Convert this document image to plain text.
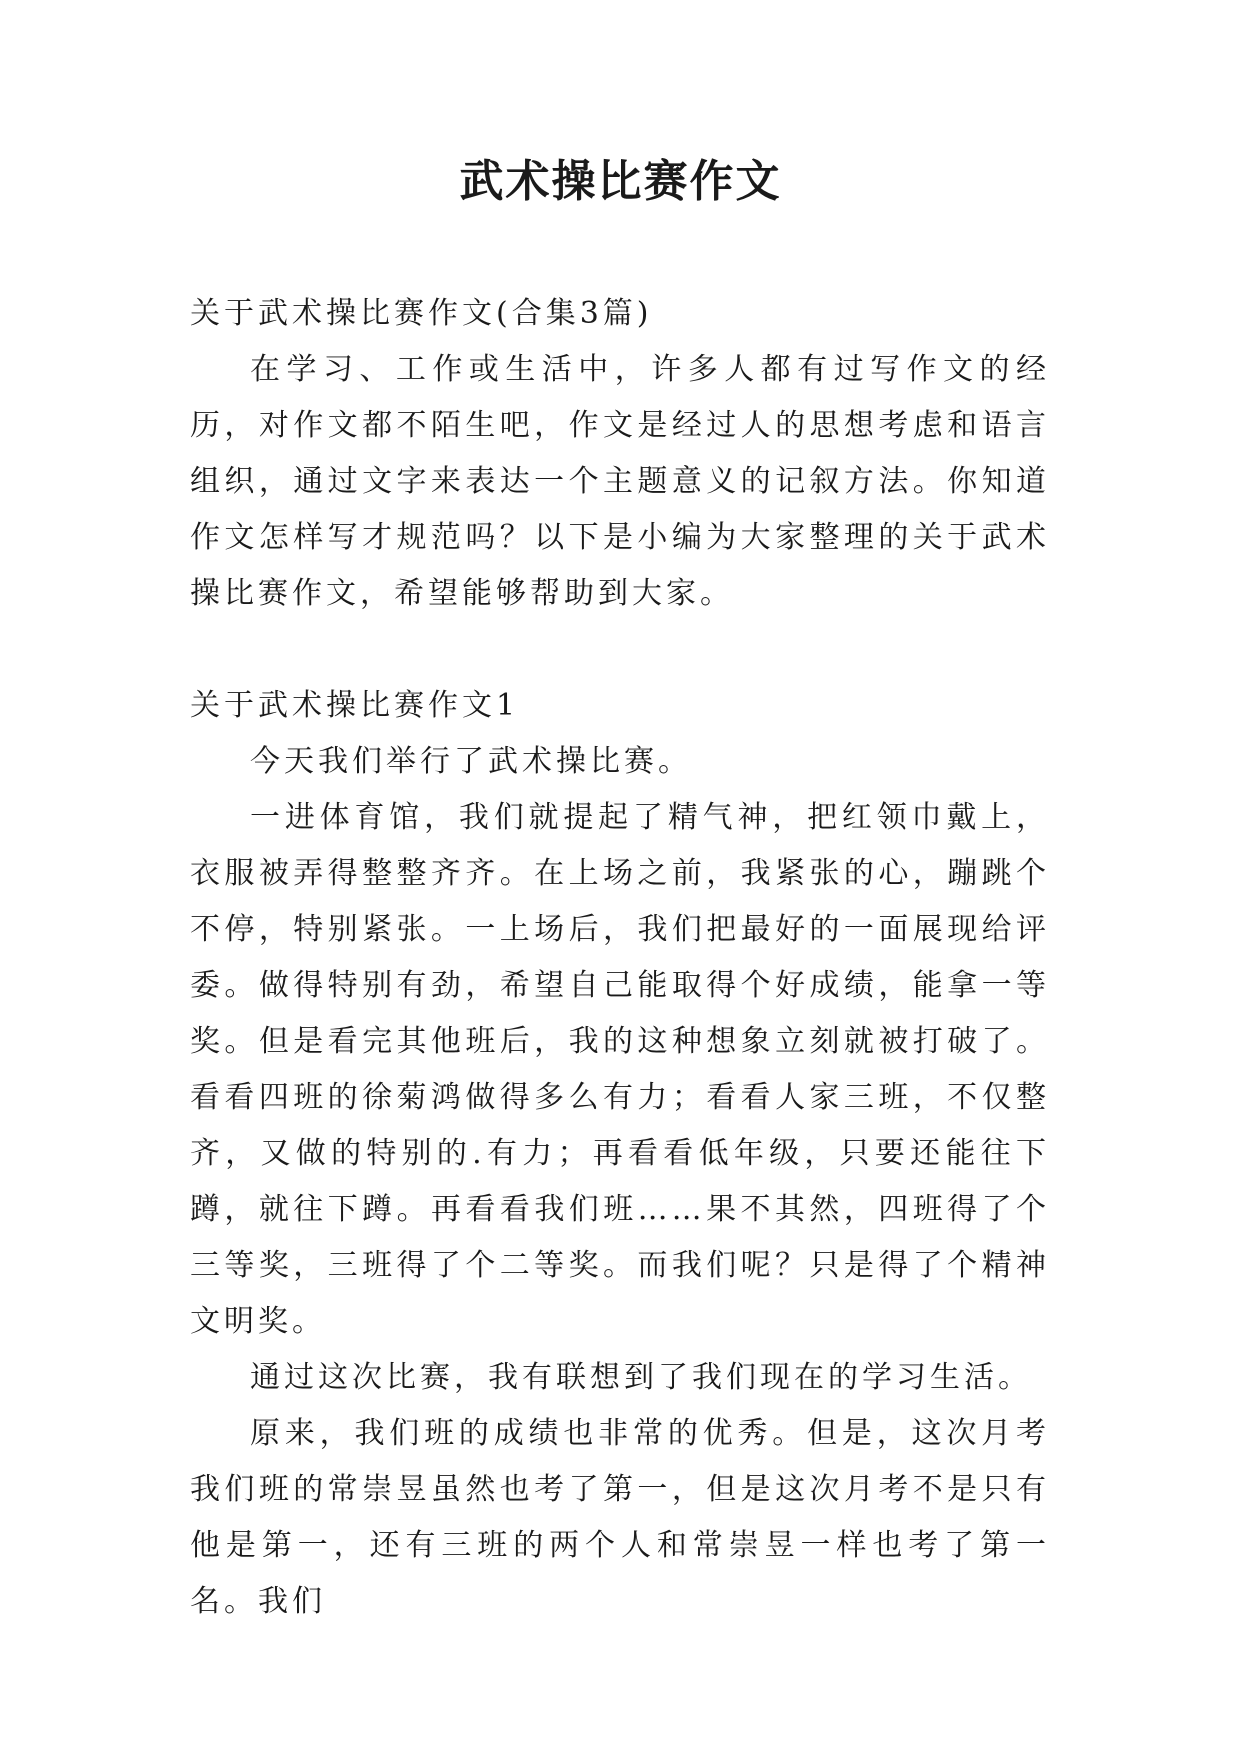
武术操比赛作文

关于武术操比赛作文(合集3篇)

在学习、工作或生活中，许多人都有过写作文的经历，对作文都不陌生吧，作文是经过人的思想考虑和语言组织，通过文字来表达一个主题意义的记叙方法。你知道作文怎样写才规范吗？以下是小编为大家整理的关于武术操比赛作文，希望能够帮助到大家。

关于武术操比赛作文1

今天我们举行了武术操比赛。

一进体育馆，我们就提起了精气神，把红领巾戴上，衣服被弄得整整齐齐。在上场之前，我紧张的心，蹦跳个不停，特别紧张。一上场后，我们把最好的一面展现给评委。做得特别有劲，希望自己能取得个好成绩，能拿一等奖。但是看完其他班后，我的这种想象立刻就被打破了。看看四班的徐菊鸿做得多么有力；看看人家三班，不仅整齐，又做的特别的.有力；再看看低年级，只要还能往下蹲，就往下蹲。再看看我们班……果不其然，四班得了个三等奖，三班得了个二等奖。而我们呢？只是得了个精神文明奖。

通过这次比赛，我有联想到了我们现在的学习生活。

原来，我们班的成绩也非常的优秀。但是，这次月考我们班的常崇昱虽然也考了第一，但是这次月考不是只有他是第一，还有三班的两个人和常崇昱一样也考了第一名。我们
